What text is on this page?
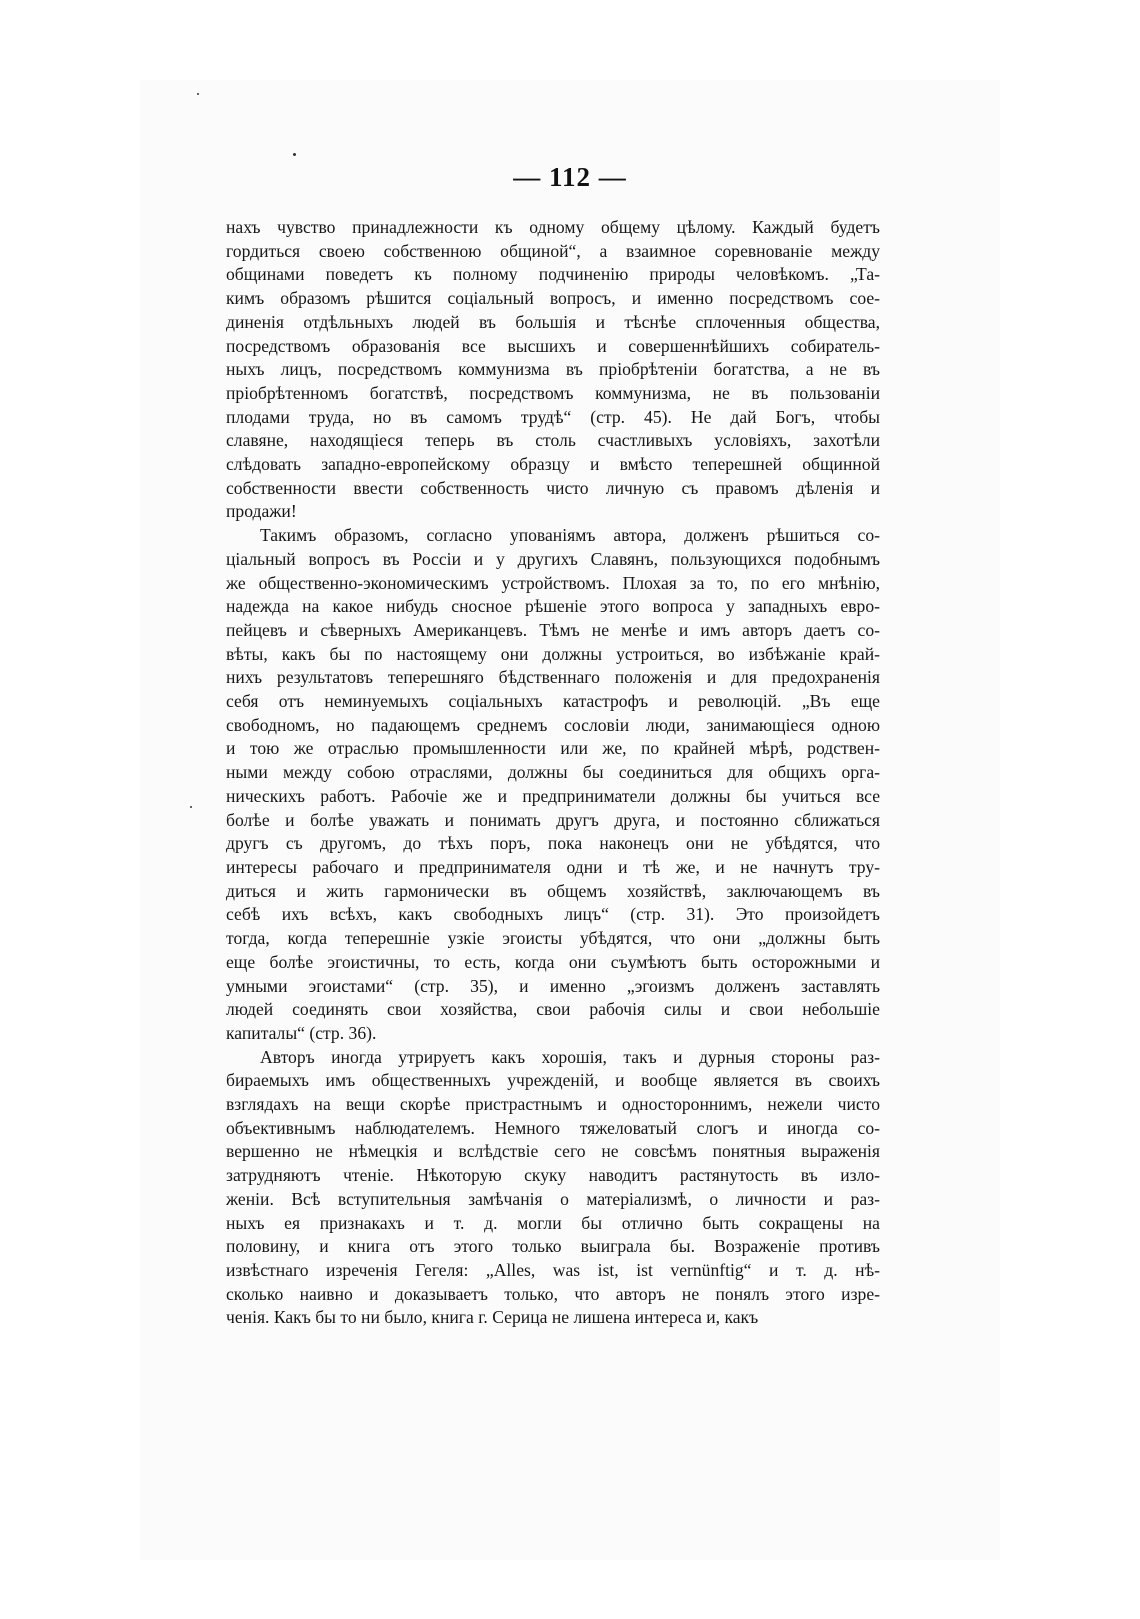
— 112 —
нахъ чувство принадлежности къ одному общему цѣлому. Каждый будетъ
гордиться своею собственною общиной“, а взаимное соревнованіе между
общинами поведетъ къ полному подчиненію природы человѣкомъ. „Та-
кимъ образомъ рѣшится соціальный вопросъ, и именно посредствомъ сое-
диненія отдѣльныхъ людей въ большія и тѣснѣе сплоченныя общества,
посредствомъ образованія все высшихъ и совершеннѣйшихъ собиратель-
ныхъ лицъ, посредствомъ коммунизма въ пріобрѣтеніи богатства, а не въ
пріобрѣтенномъ богатствѣ, посредствомъ коммунизма, не въ пользованіи
плодами труда, но въ самомъ трудѣ“ (стр. 45). Не дай Богъ, чтобы
славяне, находящіеся теперь въ столь счастливыхъ условіяхъ, захотѣли
слѣдовать западно-европейскому образцу и вмѣсто теперешней общинной
собственности ввести собственность чисто личную съ правомъ дѣленія и
продажи!
Такимъ образомъ, согласно упованіямъ автора, долженъ рѣшиться со-
ціальный вопросъ въ Россіи и у другихъ Славянъ, пользующихся подобнымъ
же общественно-экономическимъ устройствомъ. Плохая за то, по его мнѣнію,
надежда на какое нибудь сносное рѣшеніе этого вопроса у западныхъ евро-
пейцевъ и сѣверныхъ Американцевъ. Тѣмъ не менѣе и имъ авторъ даетъ со-
вѣты, какъ бы по настоящему они должны устроиться, во избѣжаніе край-
нихъ результатовъ теперешняго бѣдственнаго положенія и для предохраненія
себя отъ неминуемыхъ соціальныхъ катастрофъ и революцій. „Въ еще
свободномъ, но падающемъ среднемъ сословіи люди, занимающіеся одною
и тою же отраслью промышленности или же, по крайней мѣрѣ, родствен-
ными между собою отраслями, должны бы соединиться для общихъ орга-
ническихъ работъ. Рабочіе же и предприниматели должны бы учиться все
болѣе и болѣе уважать и понимать другъ друга, и постоянно сближаться
другъ съ другомъ, до тѣхъ поръ, пока наконецъ они не убѣдятся, что
интересы рабочаго и предпринимателя одни и тѣ же, и не начнутъ тру-
диться и жить гармонически въ общемъ хозяйствѣ, заключающемъ въ
себѣ ихъ всѣхъ, какъ свободныхъ лицъ“ (стр. 31). Это произойдетъ
тогда, когда теперешніе узкіе эгоисты убѣдятся, что они „должны быть
еще болѣе эгоистичны, то есть, когда они съумѣютъ быть осторожными и
умными эгоистами“ (стр. 35), и именно „эгоизмъ долженъ заставлять
людей соединять свои хозяйства, свои рабочія силы и свои небольшіе
капиталы“ (стр. 36).
Авторъ иногда утрируетъ какъ хорошія, такъ и дурныя стороны раз-
бираемыхъ имъ общественныхъ учрежденій, и вообще является въ своихъ
взглядахъ на вещи скорѣе пристрастнымъ и одностороннимъ, нежели чисто
объективнымъ наблюдателемъ. Немного тяжеловатый слогъ и иногда со-
вершенно не нѣмецкія и вслѣдствіе сего не совсѣмъ понятныя выраженія
затрудняютъ чтеніе. Нѣкоторую скуку наводитъ растянутость въ изло-
женіи. Всѣ вступительныя замѣчанія о матеріализмѣ, о личности и раз-
ныхъ ея признакахъ и т. д. могли бы отлично быть сокращены на
половину, и книга отъ этого только выиграла бы. Возраженіе противъ
извѣстнаго изреченія Гегеля: „Alles, was ist, ist vernünftig“ и т. д. нѣ-
сколько наивно и доказываетъ только, что авторъ не понялъ этого изре-
ченія. Какъ бы то ни было, книга г. Серица не лишена интереса и, какъ
